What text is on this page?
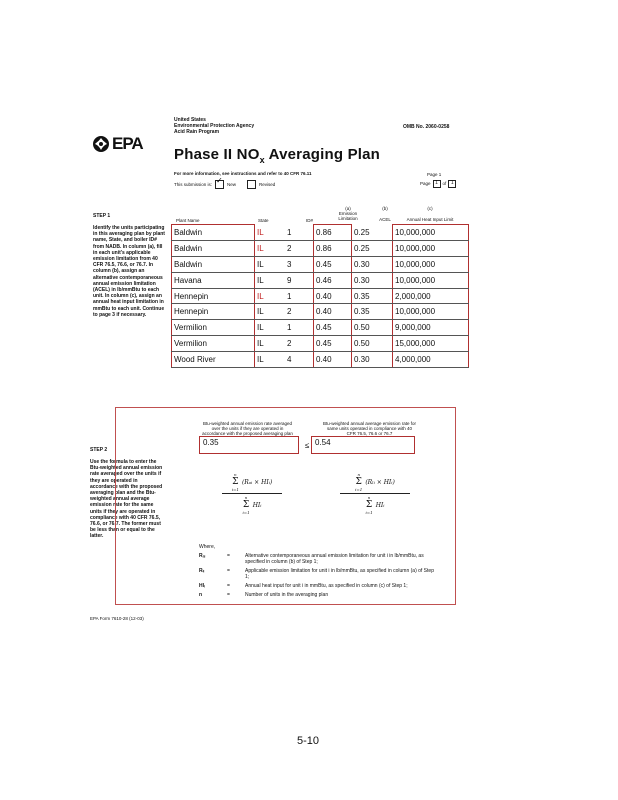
United States
Environmental Protection Agency
Acid Rain Program
OMB No. 2060-0258
EPA
Phase II $NO_x$ Averaging Plan
For more information, see instructions and refer to 40 CFR 76.11
This submission is: ✓ New	Revised
Page 1
Page 1	of 1
STEP 1
Identify the units participating in this averaging plan by plant name, State, and boiler ID# from NADB. In column (a), fill in each unit's applicable emission limitation from 40 CFR 76.5, 76.6, or 76.7. In column (b), assign an alternative contemporaneous annual emission limitation (ACEL) in lb/mmBtu to each unit. In column (c), assign an annual heat input limitation in mmBtu to each unit. Continue to page 3 if necessary.
Plant Name	State	ID#
(a)
Emission Limitation
(b)
ACEL
(c)
Annual Heat Input Limit
Baldwin	IL	1	0.86	0.25	10,000,000
Baldwin	IL	2	0.86	0.25	10,000,000
Baldwin	IL	3	0.45	0.30	10,000,000
Havana	IL	9	0.46	0.30	10,000,000
Hennepin	IL	1	0.40	0.35	2,000,000
Hennepin	IL	2	0.40	0.35	10,000,000
Vermilion	IL	1	0.45	0.50	9,000,000
Vermilion	IL	2	0.45	0.50	15,000,000
Wood River	IL	4	0.40	0.30	4,000,000
STEP 2
Use the formula to enter the Btu-weighted annual emission rate averaged over the units if they are operated in accordance with the proposed averaging plan and the Btu-weighted annual average emission rate for the same units if they are operated in compliance with 40 CFR 76.5, 76.6, or 76.7. The former must be less than or equal to the latter.
Btu-weighted annual emission rate averaged over the units if they are operated in accordance with the proposed averaging plan
Btu-weighted annual average emission rate for same units operated in compliance with 40 CFR 76.5, 76.6 or 76.7
0.35	≤ 0.54
n
Σ
i=1
(Rₐᵢ × HIᵢ)
n
Σ
i=1
HIᵢ
n
Σ
i=1
(Rₗᵢ × HIᵢ)
n
Σ
i=1
HIᵢ
Where,
Rₐᵢ	=	Alternative contemporaneous annual emission limitation for unit i in lb/mmBtu, as specified in column (b) of Step 1;
Rₗᵢ	=	Applicable emission limitation for unit i in lb/mmBtu, as specified in column (a) of Step 1;
HIᵢ	=	Annual heat input for unit i in mmBtu, as specified in column (c) of Step 1;
n	=	Number of units in the averaging plan
EPA Form 7610-28 (12-03)
5-10
